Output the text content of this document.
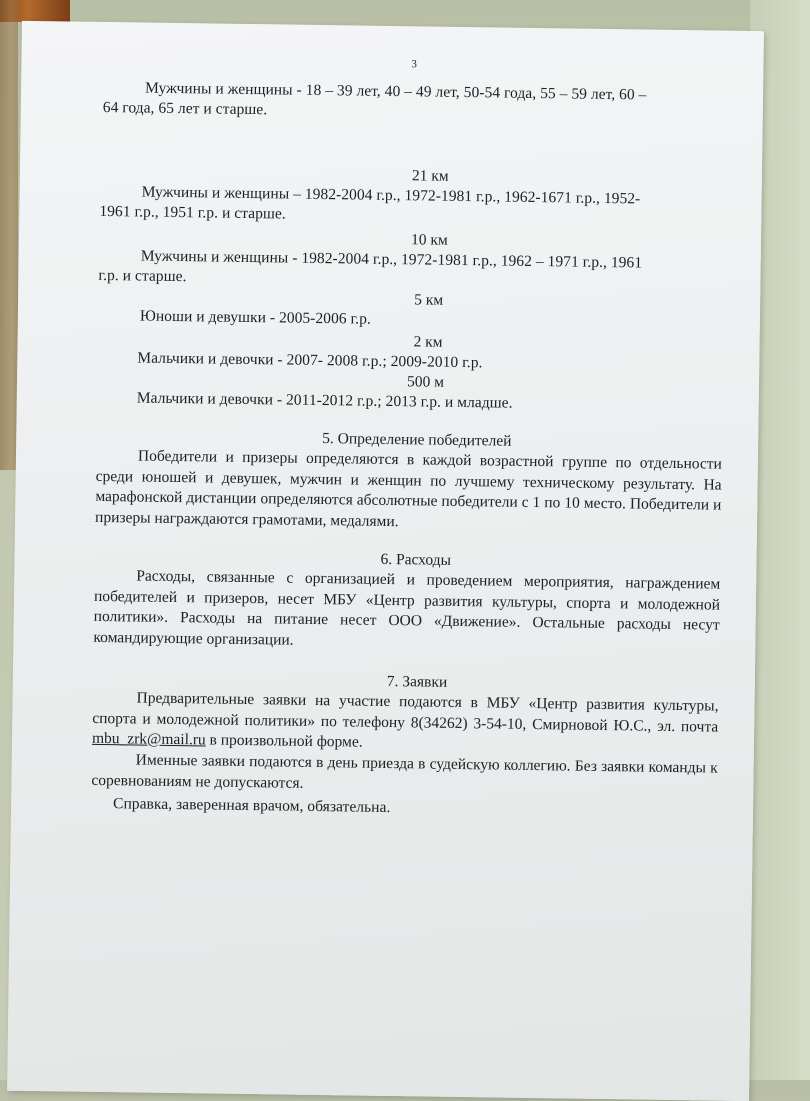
3
Мужчины и женщины - 18 – 39 лет, 40 – 49 лет, 50-54 года, 55 – 59 лет, 60 –
64 года, 65 лет и старше.
21 км
Мужчины и женщины – 1982-2004 г.р., 1972-1981 г.р., 1962-1671 г.р., 1952-
1961 г.р., 1951 г.р. и старше.
10 км
Мужчины и женщины - 1982-2004 г.р., 1972-1981 г.р., 1962 – 1971 г.р., 1961
г.р. и старше.
5 км
Юноши и девушки - 2005-2006 г.р.
2 км
Мальчики и девочки - 2007- 2008 г.р.; 2009-2010 г.р.
500 м
Мальчики и девочки - 2011-2012 г.р.; 2013 г.р. и младше.
5. Определение победителей
Победители и призеры определяются в каждой возрастной группе по отдельности среди юношей и девушек, мужчин и женщин по лучшему техническому результату. На марафонской дистанции определяются абсолютные победители с 1 по 10 место. Победители и призеры награждаются грамотами, медалями.
6. Расходы
Расходы, связанные с организацией и проведением мероприятия, награждением победителей и призеров, несет МБУ «Центр развития культуры, спорта и молодежной политики». Расходы на питание несет ООО «Движение». Остальные расходы несут командирующие организации.
7. Заявки
Предварительные заявки на участие подаются в МБУ «Центр развития культуры, спорта и молодежной политики» по телефону 8(34262) 3-54-10, Смирновой Ю.С., эл. почта mbu_zrk@mail.ru в произвольной форме.
Именные заявки подаются в день приезда в судейскую коллегию. Без заявки команды к соревнованиям не допускаются.
Справка, заверенная врачом, обязательна.
